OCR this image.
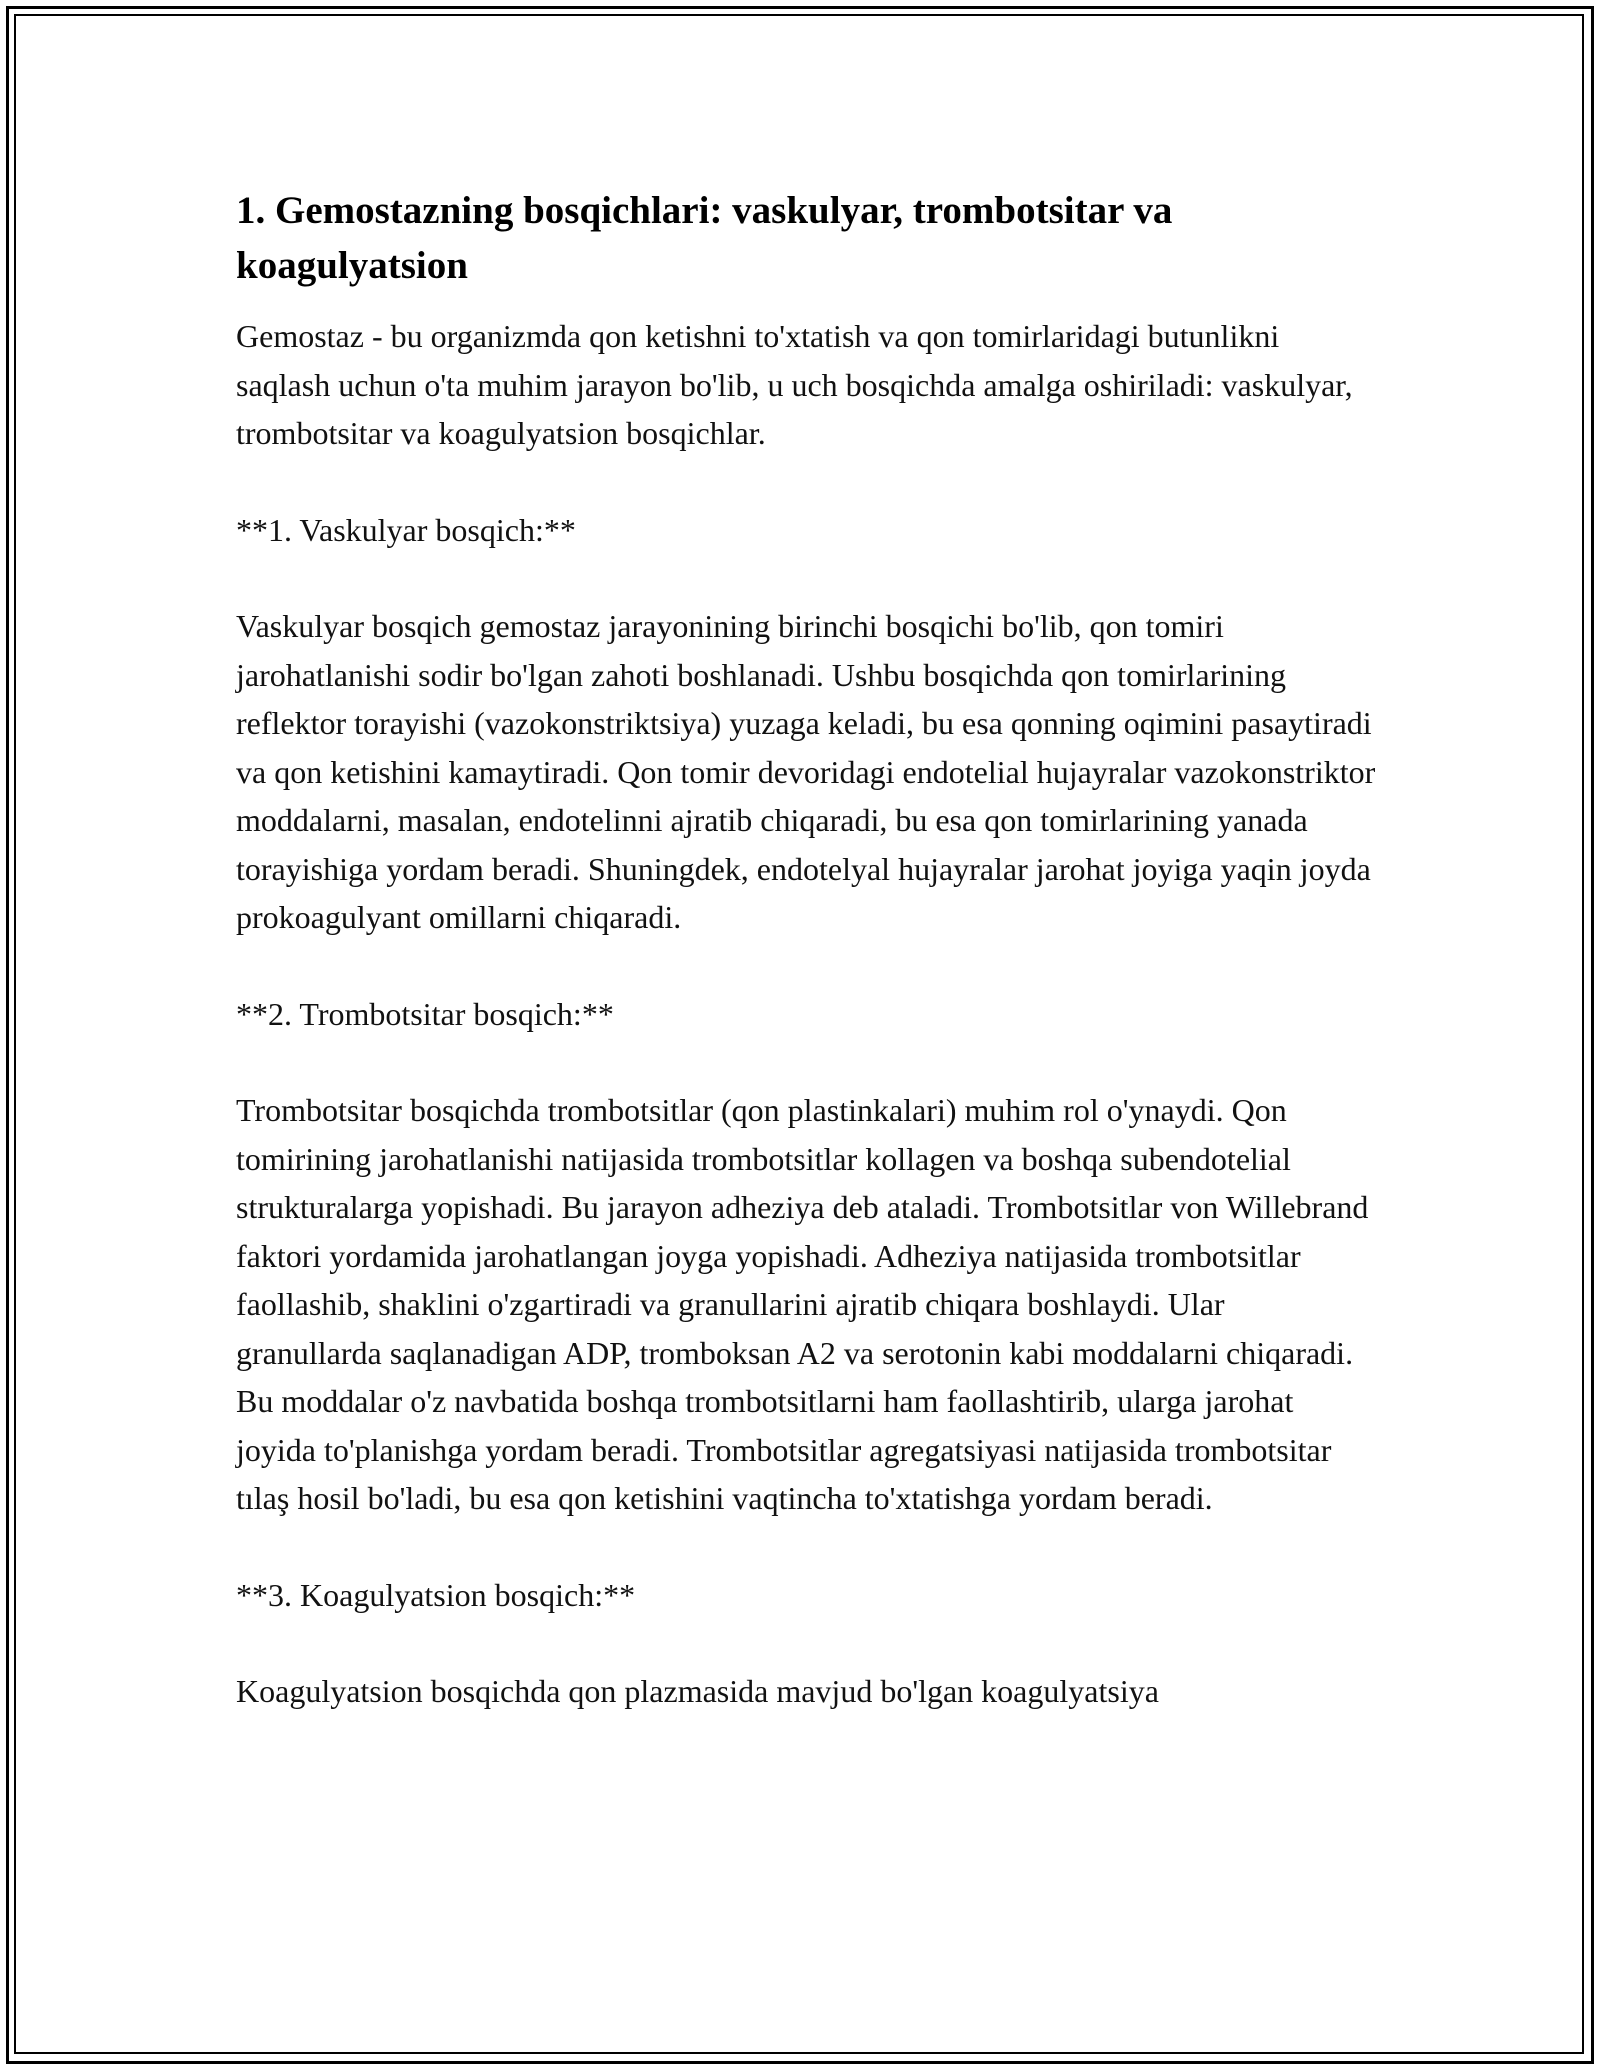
1. Gemostazning bosqichlari: vaskulyar, trombotsitar va koagulyatsion

Gemostaz - bu organizmda qon ketishni to'xtatish va qon tomirlaridagi butunlikni saqlash uchun o'ta muhim jarayon bo'lib, u uch bosqichda amalga oshiriladi: vaskulyar, trombotsitar va koagulyatsion bosqichlar.

**1. Vaskulyar bosqich:**

Vaskulyar bosqich gemostaz jarayonining birinchi bosqichi bo'lib, qon tomiri jarohatlanishi sodir bo'lgan zahoti boshlanadi. Ushbu bosqichda qon tomirlarining reflektor torayishi (vazokonstriktsiya) yuzaga keladi, bu esa qonning oqimini pasaytiradi va qon ketishini kamaytiradi. Qon tomir devoridagi endotelial hujayralar vazokonstriktor moddalarni, masalan, endotelinni ajratib chiqaradi, bu esa qon tomirlarining yanada torayishiga yordam beradi. Shuningdek, endotelyal hujayralar jarohat joyiga yaqin joyda prokoagulyant omillarni chiqaradi.

**2. Trombotsitar bosqich:**

Trombotsitar bosqichda trombotsitlar (qon plastinkalari) muhim rol o'ynaydi. Qon tomirining jarohatlanishi natijasida trombotsitlar kollagen va boshqa subendotelial strukturalarga yopishadi. Bu jarayon adheziya deb ataladi. Trombotsitlar von Willebrand faktori yordamida jarohatlangan joyga yopishadi. Adheziya natijasida trombotsitlar faollashib, shaklini o'zgartiradi va granullarini ajratib chiqara boshlaydi. Ular granullarda saqlanadigan ADP, tromboksan A2 va serotonin kabi moddalarni chiqaradi. Bu moddalar o'z navbatida boshqa trombotsitlarni ham faollashtirib, ularga jarohat joyida to'planishga yordam beradi. Trombotsitlar agregatsiyasi natijasida trombotsitar tılaş hosil bo'ladi, bu esa qon ketishini vaqtincha to'xtatishga yordam beradi.

**3. Koagulyatsion bosqich:**

Koagulyatsion bosqichda qon plazmasida mavjud bo'lgan koagulyatsiya
